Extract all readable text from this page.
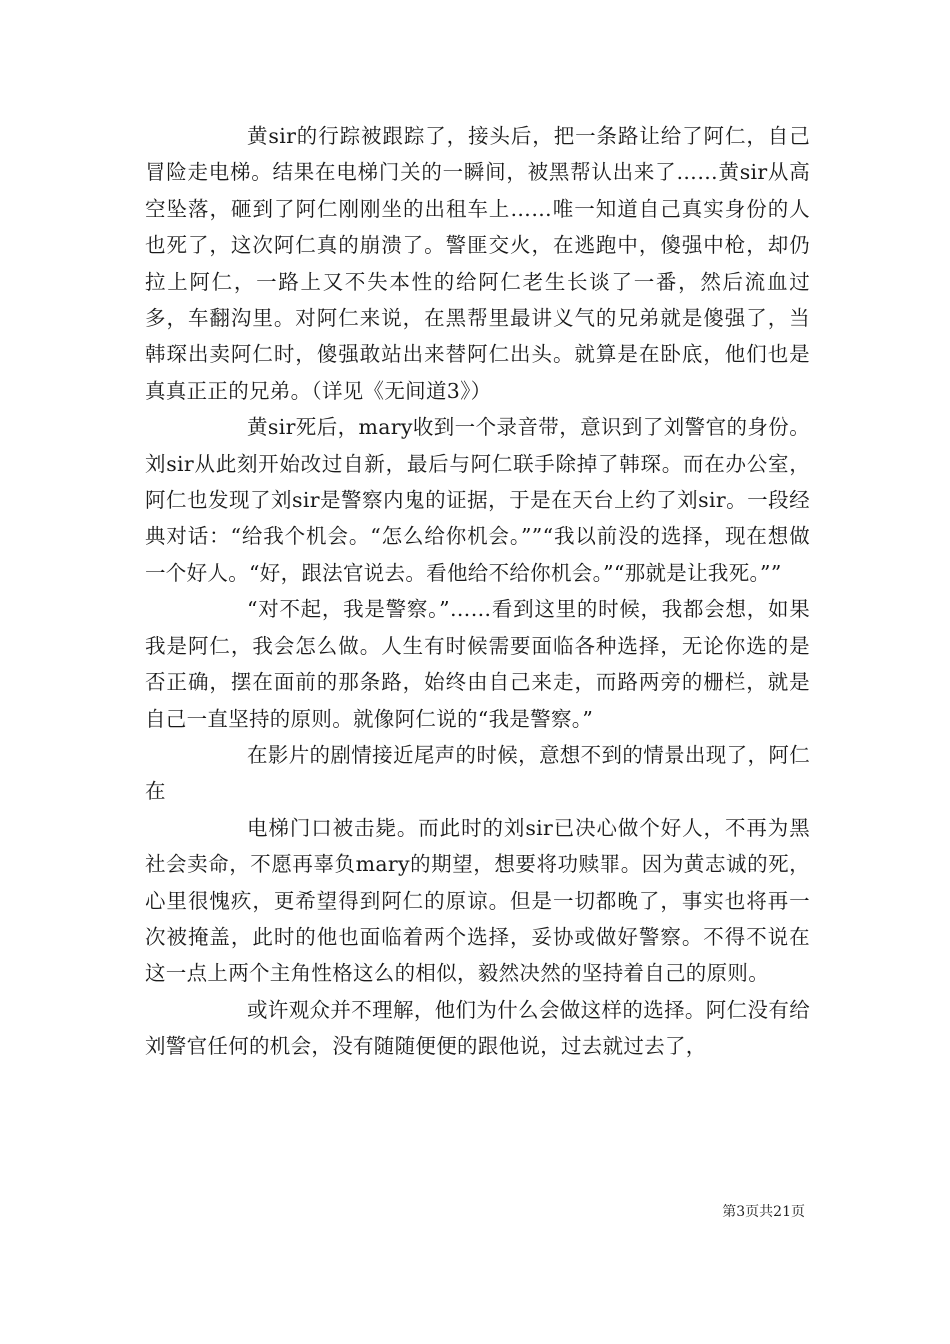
黄sir的行踪被跟踪了，接头后，把一条路让给了阿仁，自己冒险走电梯。结果在电梯门关的一瞬间，被黑帮认出来了……黄sir从高空坠落，砸到了阿仁刚刚坐的出租车上……唯一知道自己真实身份的人也死了，这次阿仁真的崩溃了。警匪交火，在逃跑中，傻强中枪，却仍拉上阿仁，一路上又不失本性的给阿仁老生长谈了一番，然后流血过多，车翻沟里。对阿仁来说，在黑帮里最讲义气的兄弟就是傻强了，当韩琛出卖阿仁时，傻强敢站出来替阿仁出头。就算是在卧底，他们也是真真正正的兄弟。（详见《无间道3》）

黄sir死后，mary收到一个录音带，意识到了刘警官的身份。刘sir从此刻开始改过自新，最后与阿仁联手除掉了韩琛。而在办公室，阿仁也发现了刘sir是警察内鬼的证据，于是在天台上约了刘sir。一段经典对话：“给我个机会。“怎么给你机会。””“我以前没的选择，现在想做一个好人。“好，跟法官说去。看他给不给你机会。”“那就是让我死。””

“对不起，我是警察。”……看到这里的时候，我都会想，如果我是阿仁，我会怎么做。人生有时候需要面临各种选择，无论你选的是否正确，摆在面前的那条路，始终由自己来走，而路两旁的栅栏，就是自己一直坚持的原则。就像阿仁说的“我是警察。”

在影片的剧情接近尾声的时候，意想不到的情景出现了，阿仁在

电梯门口被击毙。而此时的刘sir已决心做个好人，不再为黑社会卖命，不愿再辜负mary的期望，想要将功赎罪。因为黄志诚的死，心里很愧疚，更希望得到阿仁的原谅。但是一切都晚了，事实也将再一次被掩盖，此时的他也面临着两个选择，妥协或做好警察。不得不说在这一点上两个主角性格这么的相似，毅然决然的坚持着自己的原则。

或许观众并不理解，他们为什么会做这样的选择。阿仁没有给刘警官任何的机会，没有随随便便的跟他说，过去就过去了，

第3页共21页
